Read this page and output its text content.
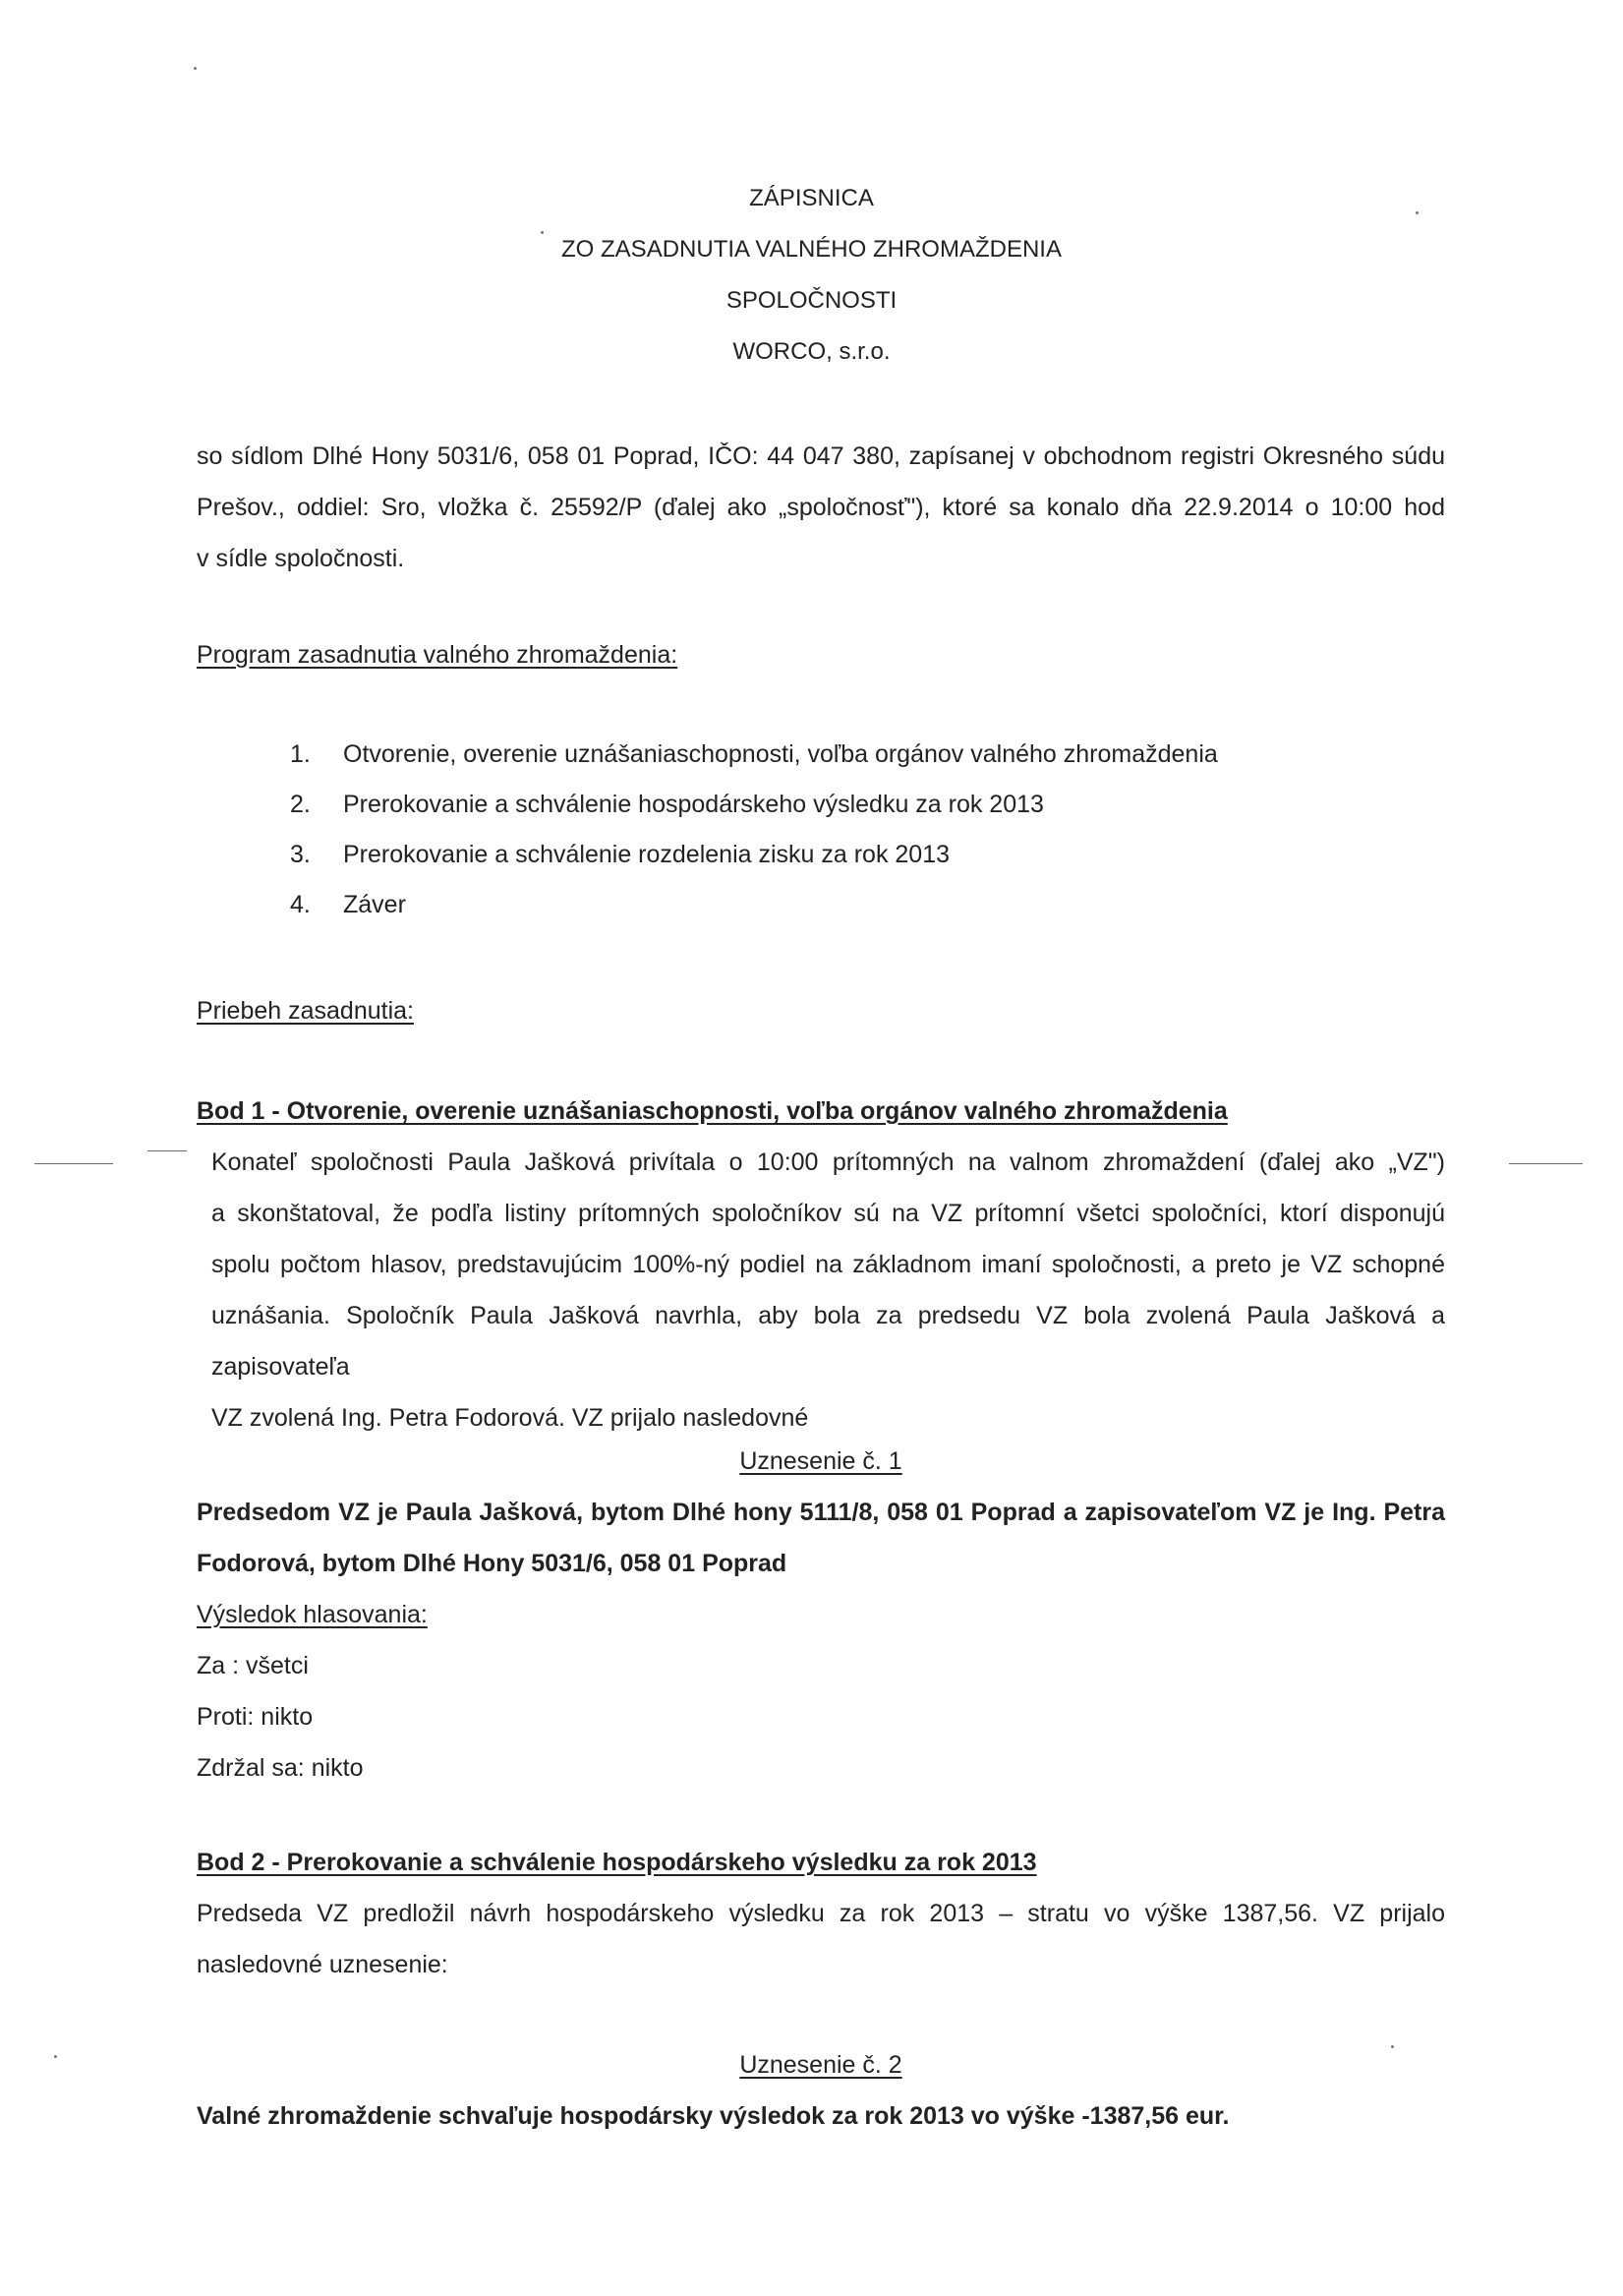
ZÁPISNICA
ZO ZASADNUTIA VALNÉHO ZHROMAŽDENIA
SPOLOČNOSTI
WORCO, s.r.o.
so sídlom Dlhé Hony 5031/6, 058 01 Poprad, IČO: 44 047 380, zapísanej v obchodnom registri Okresného súdu
Prešov., oddiel: Sro, vložka č. 25592/P (ďalej ako „spoločnosť"), ktoré sa konalo dňa 22.9.2014 o 10:00 hod
v sídle spoločnosti.
Program zasadnutia valného zhromaždenia:
1. Otvorenie, overenie uznášaniaschopnosti, voľba orgánov valného zhromaždenia
2. Prerokovanie a schválenie hospodárskeho výsledku za rok 2013
3. Prerokovanie a schválenie rozdelenia zisku za rok 2013
4. Záver
Priebeh zasadnutia:
Bod 1 - Otvorenie, overenie uznášaniaschopnosti, voľba orgánov valného zhromaždenia
Konateľ spoločnosti Paula Jašková privítala o 10:00 prítomných na valnom zhromaždení (ďalej ako „VZ")
a skonštatoval, že podľa listiny prítomných spoločníkov sú na VZ prítomní všetci spoločníci, ktorí disponujú
spolu počtom hlasov, predstavujúcim 100%-ný podiel na základnom imaní spoločnosti, a preto je VZ schopné
uznášania. Spoločník Paula Jašková navrhla, aby bola za predsedu VZ bola zvolená Paula Jašková a zapisovateľa
VZ zvolená Ing. Petra Fodorová. VZ prijalo nasledovné
Uznesenie č. 1
Predsedom VZ je Paula Jašková, bytom Dlhé hony 5111/8, 058 01 Poprad a zapisovateľom VZ je Ing. Petra
Fodorová, bytom Dlhé Hony 5031/6, 058 01 Poprad
Výsledok hlasovania:
Za : všetci
Proti: nikto
Zdržal sa: nikto
Bod 2 - Prerokovanie a schválenie hospodárskeho výsledku za rok 2013
Predseda VZ predložil návrh hospodárskeho výsledku za rok 2013 – stratu vo výške 1387,56. VZ prijalo
nasledovné uznesenie:
Uznesenie č. 2
Valné zhromaždenie schvaľuje hospodársky výsledok za rok 2013 vo výške -1387,56 eur.
